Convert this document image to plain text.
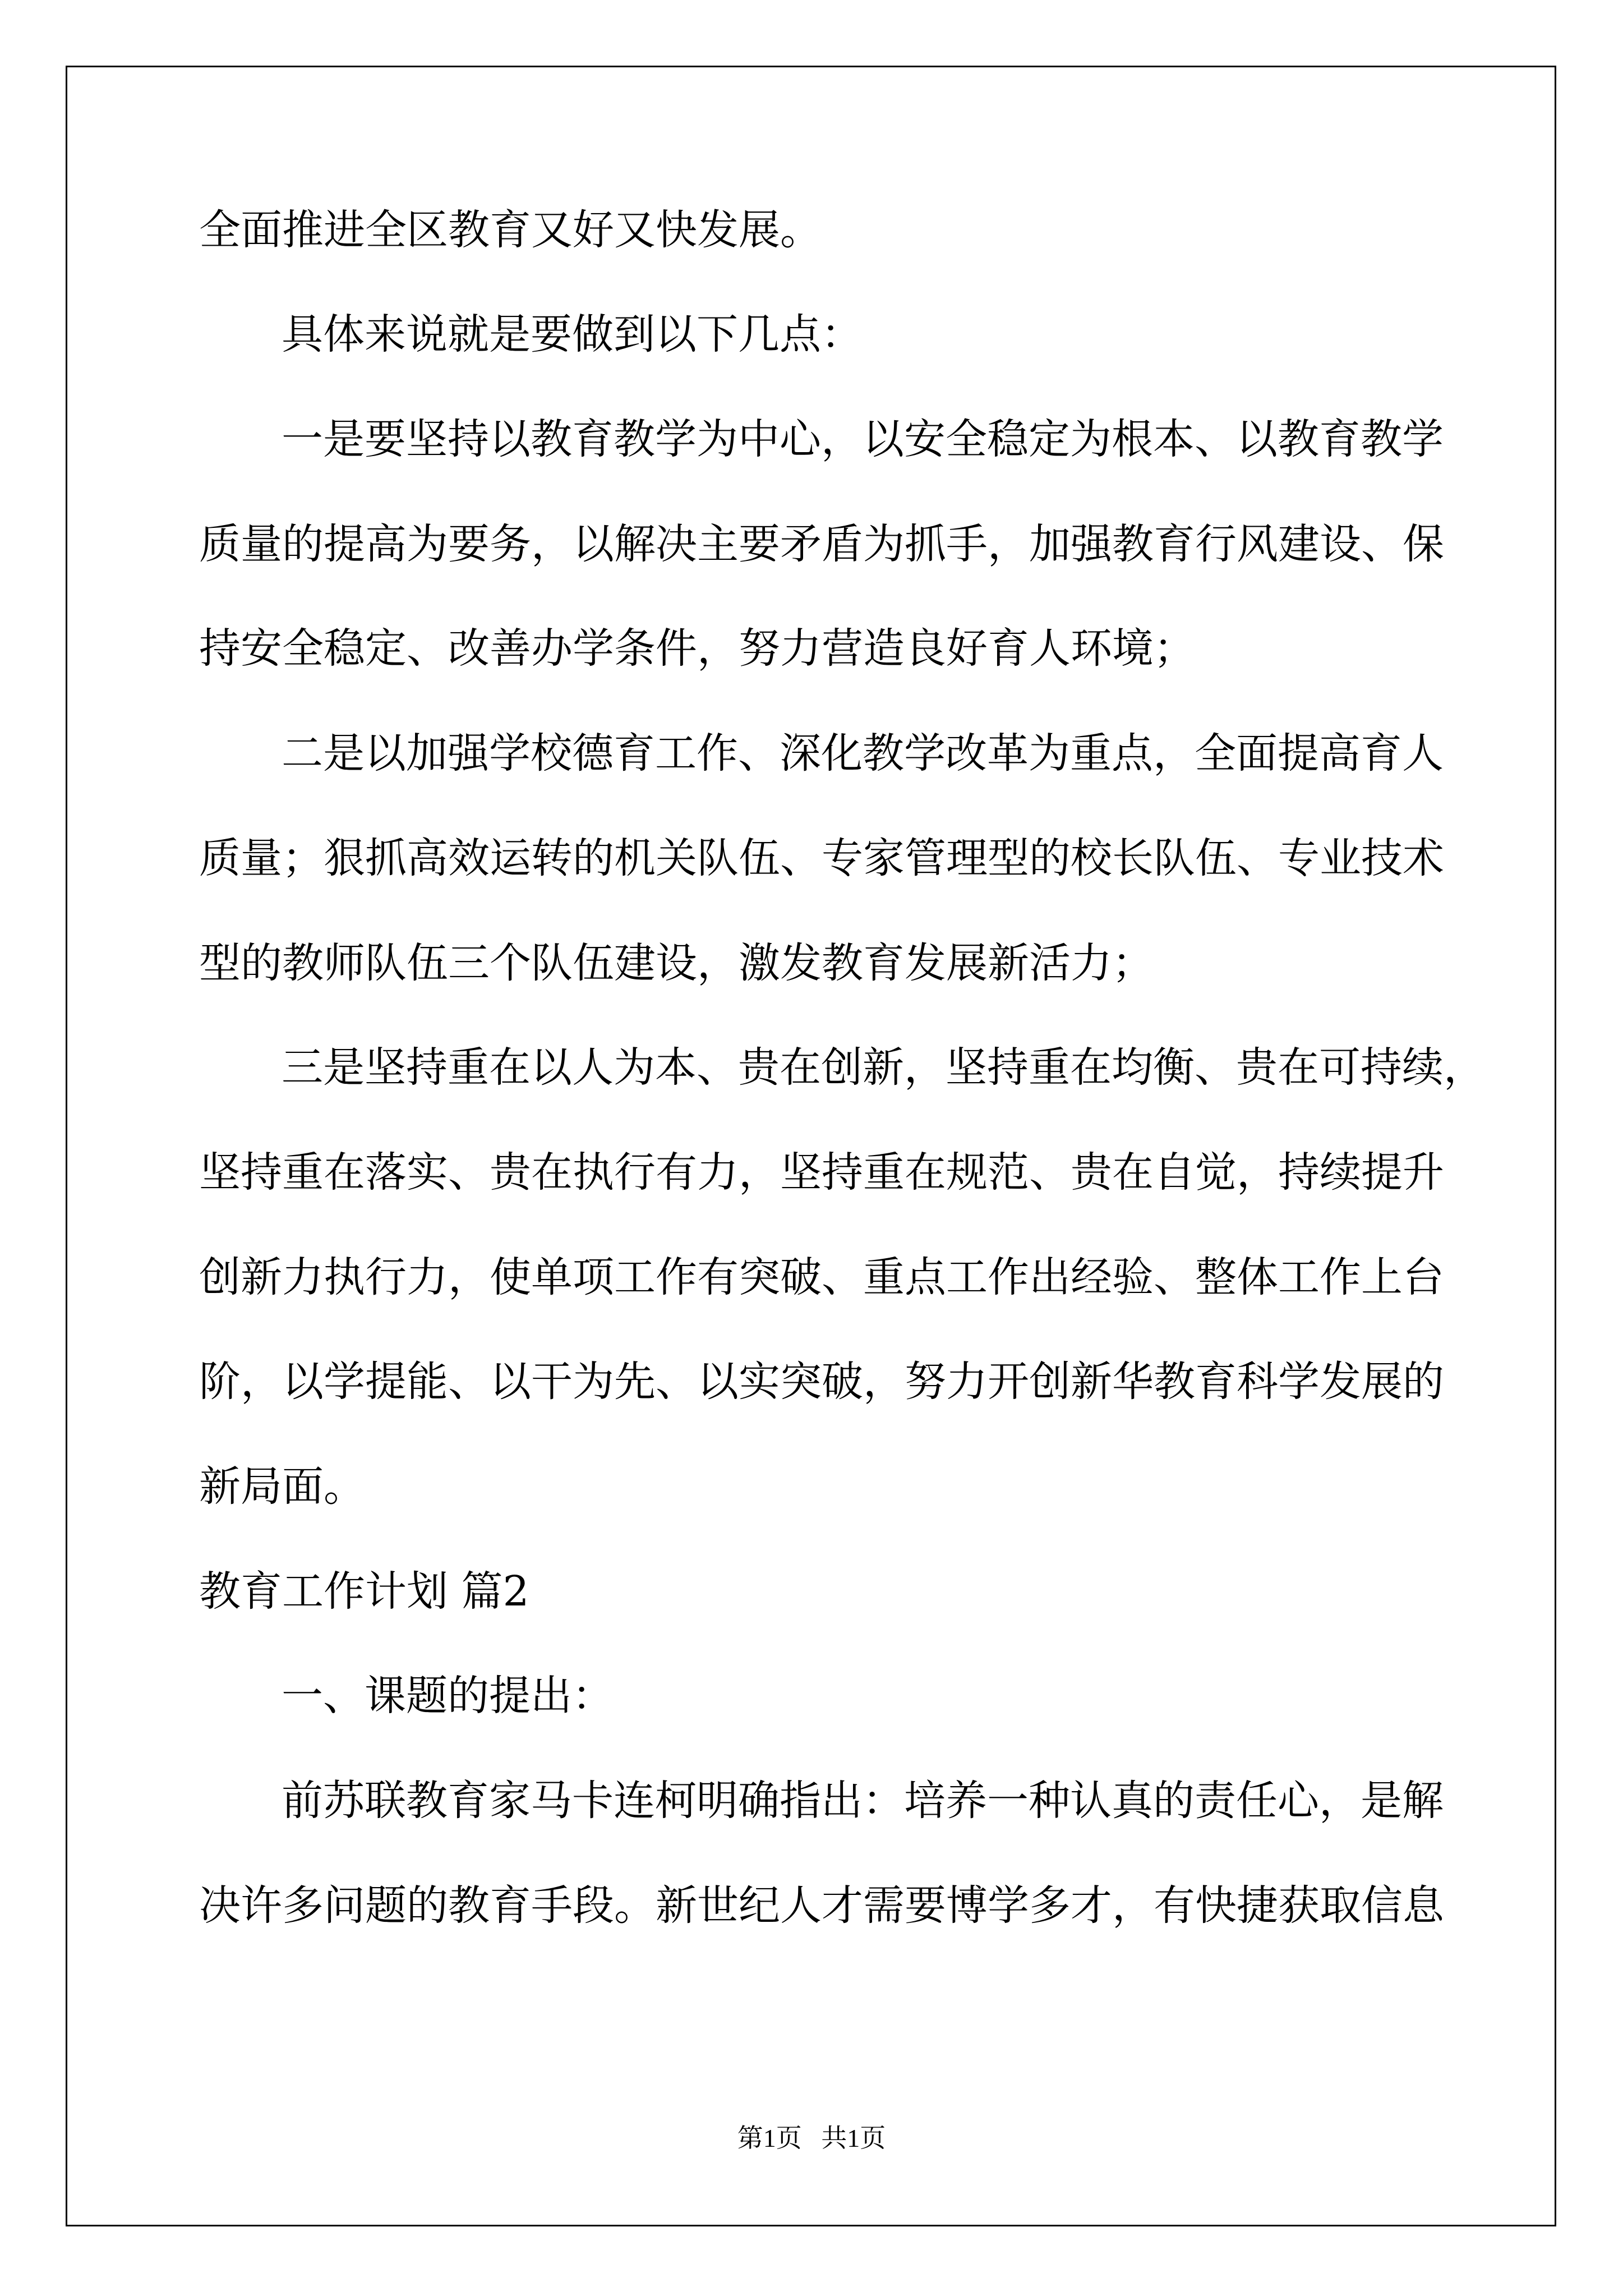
全面推进全区教育又好又快发展。

具体来说就是要做到以下几点：

一是要坚持以教育教学为中心，以安全稳定为根本、以教育教学

质量的提高为要务，以解决主要矛盾为抓手，加强教育行风建设、保

持安全稳定、改善办学条件，努力营造良好育人环境；

二是以加强学校德育工作、深化教学改革为重点，全面提高育人

质量；狠抓高效运转的机关队伍、专家管理型的校长队伍、专业技术

型的教师队伍三个队伍建设，激发教育发展新活力；

三是坚持重在以人为本、贵在创新，坚持重在均衡、贵在可持续，

坚持重在落实、贵在执行有力，坚持重在规范、贵在自觉，持续提升

创新力执行力，使单项工作有突破、重点工作出经验、整体工作上台

阶，以学提能、以干为先、以实突破，努力开创新华教育科学发展的

新局面。

教育工作计划 篇2

一、课题的提出：

前苏联教育家马卡连柯明确指出：培养一种认真的责任心，是解

决许多问题的教育手段。新世纪人才需要博学多才，有快捷获取信息

第1页   共1页
